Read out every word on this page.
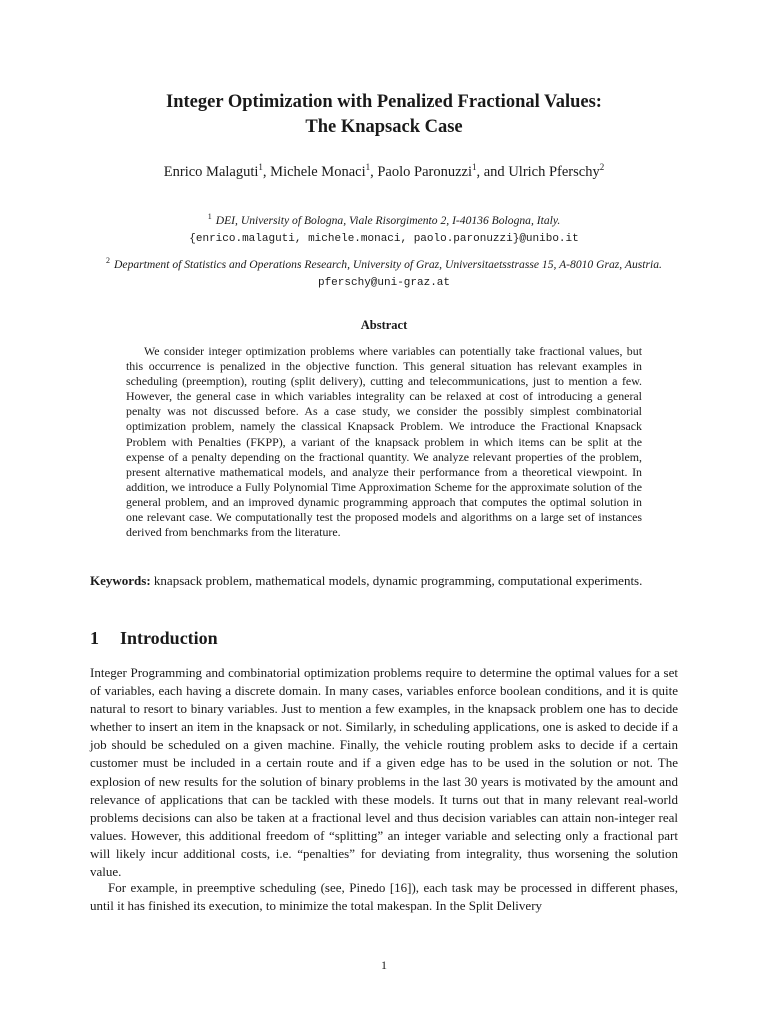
Integer Optimization with Penalized Fractional Values:
The Knapsack Case
Enrico Malaguti$^1$, Michele Monaci$^1$, Paolo Paronuzzi$^1$, and Ulrich Pferschy$^2$
$^1$ DEI, University of Bologna, Viale Risorgimento 2, I-40136 Bologna, Italy.
{enrico.malaguti, michele.monaci, paolo.paronuzzi}@unibo.it
$^2$ Department of Statistics and Operations Research, University of Graz, Universitaetsstrasse 15, A-8010 Graz, Austria. pferschy@uni-graz.at
Abstract
We consider integer optimization problems where variables can potentially take fractional values, but this occurrence is penalized in the objective function. This general situation has relevant examples in scheduling (preemption), routing (split delivery), cutting and telecommunications, just to mention a few. However, the general case in which variables integrality can be relaxed at cost of introducing a general penalty was not discussed before. As a case study, we consider the possibly simplest combinatorial optimization problem, namely the classical Knapsack Problem. We introduce the Fractional Knapsack Problem with Penalties (FKPP), a variant of the knapsack problem in which items can be split at the expense of a penalty depending on the fractional quantity. We analyze relevant properties of the problem, present alternative mathematical models, and analyze their performance from a theoretical viewpoint. In addition, we introduce a Fully Polynomial Time Approximation Scheme for the approximate solution of the general problem, and an improved dynamic programming approach that computes the optimal solution in one relevant case. We computationally test the proposed models and algorithms on a large set of instances derived from benchmarks from the literature.
Keywords: knapsack problem, mathematical models, dynamic programming, computational experiments.
1 Introduction
Integer Programming and combinatorial optimization problems require to determine the optimal values for a set of variables, each having a discrete domain. In many cases, variables enforce boolean conditions, and it is quite natural to resort to binary variables. Just to mention a few examples, in the knapsack problem one has to decide whether to insert an item in the knapsack or not. Similarly, in scheduling applications, one is asked to decide if a job should be scheduled on a given machine. Finally, the vehicle routing problem asks to decide if a certain customer must be included in a certain route and if a given edge has to be used in the solution or not. The explosion of new results for the solution of binary problems in the last 30 years is motivated by the amount and relevance of applications that can be tackled with these models. It turns out that in many relevant real-world problems decisions can also be taken at a fractional level and thus decision variables can attain non-integer real values. However, this additional freedom of “splitting” an integer variable and selecting only a fractional part will likely incur additional costs, i.e. “penalties” for deviating from integrality, thus worsening the solution value.
For example, in preemptive scheduling (see, Pinedo [16]), each task may be processed in different phases, until it has finished its execution, to minimize the total makespan. In the Split Delivery
1
